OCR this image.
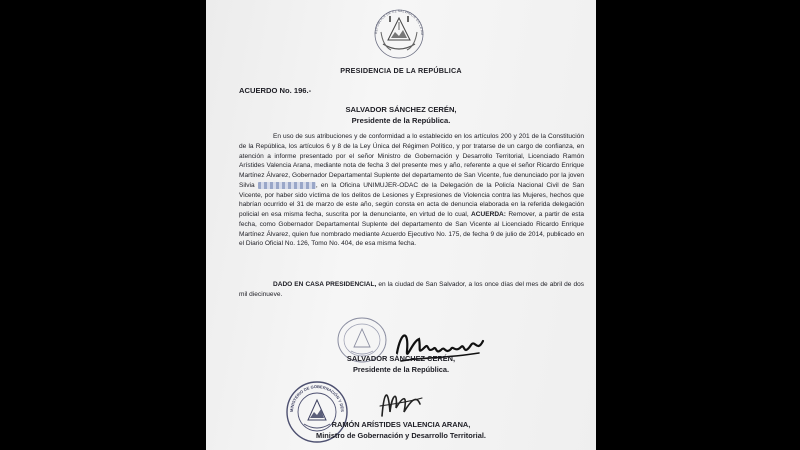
REPÚBLICA DE EL SALVADOR EN LA AM
PRESIDENCIA DE LA REPÚBLICA
ACUERDO No. 196.-
SALVADOR SÁNCHEZ CERÉN,
Presidente de la República.
En uso de sus atribuciones y de conformidad a lo establecido en los artículos 200 y 201 de la Constitución de la República, los artículos 6 y 8 de la Ley Única del Régimen Político, y por tratarse de un cargo de confianza, en atención a informe presentado por el señor Ministro de Gobernación y Desarrollo Territorial, Licenciado Ramón Arístides Valencia Arana, mediante nota de fecha 3 del presente mes y año, referente a que el señor Ricardo Enrique Martínez Álvarez, Gobernador Departamental Suplente del departamento de San Vicente, fue denunciado por la joven Silvia	, en la Oficina UNIMUJER-ODAC de la Delegación de la Policía Nacional Civil de San Vicente, por haber sido víctima de los delitos de Lesiones y Expresiones de Violencia contra las Mujeres, hechos que habrían ocurrido el 31 de marzo de este año, según consta en acta de denuncia elaborada en la referida delegación policial en esa misma fecha, suscrita por la denunciante, en virtud de lo cual, ACUERDA: Remover, a partir de esta fecha, como Gobernador Departamental Suplente del departamento de San Vicente al Licenciado Ricardo Enrique Martínez Álvarez, quien fue nombrado mediante Acuerdo Ejecutivo No. 175, de fecha 9 de julio de 2014, publicado en el Diario Oficial No. 126, Tomo No. 404, de esa misma fecha.
DADO EN CASA PRESIDENCIAL, en la ciudad de San Salvador, a los once días del mes de abril de dos mil diecinueve.
SALVADOR SÁNCHEZ CERÉN,
Presidente de la República.
MINISTERIO DE GOBERNACIÓN Y DES
RAMÓN ARÍSTIDES VALENCIA ARANA,
Ministro de Gobernación y Desarrollo Territorial.
